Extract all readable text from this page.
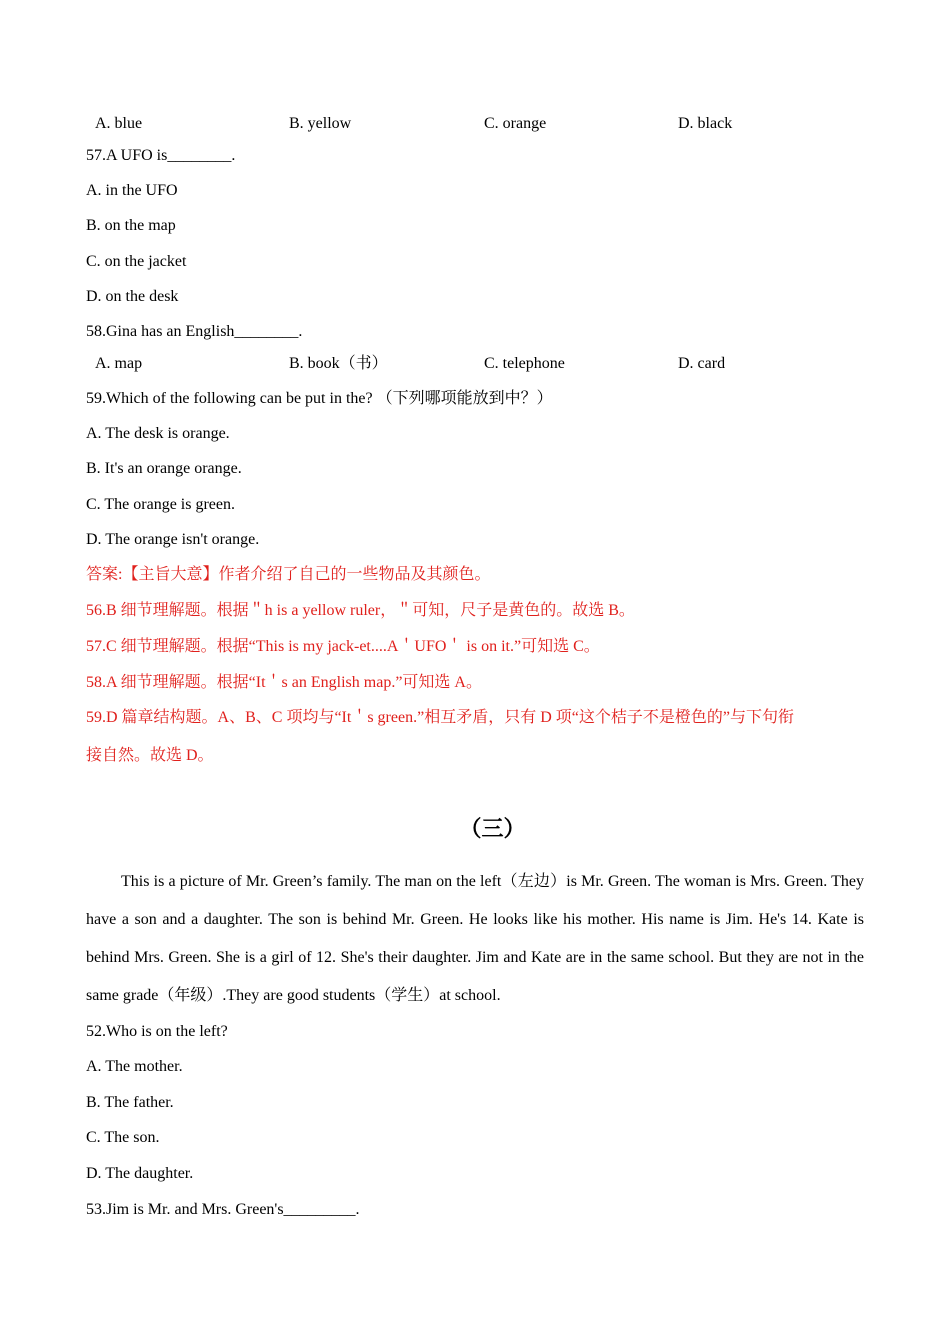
A. blue	B. yellow	C. orange	D. black
57.A UFO is________.
A. in the UFO
B. on the map
C. on the jacket
D. on the desk
58.Gina has an English________.
A. map	B. book（书）	C. telephone	D. card
59.Which of the following can be put in the? （下列哪项能放到中？）
A. The desk is orange.
B. It's an orange orange.
C. The orange is green.
D. The orange isn't orange.
答案:【主旨大意】作者介绍了自己的一些物品及其颜色。
56.B 细节理解题。根据＂h is a yellow ruler，＂可知，尺子是黄色的。故选 B。
57.C 细节理解题。根据“This is my jack-et....A＇UFO＇ is on it.”可知选 C。
58.A 细节理解题。根据“It＇s an English map.”可知选 A。
59.D 篇章结构题。A、B、C 项均与“It＇s green.”相互矛盾，只有 D 项“这个桔子不是橙色的”与下句衔
接自然。故选 D。
（三）
This is a picture of Mr. Green’s family. The man on the left（左边）is Mr. Green. The woman is Mrs. Green. They have a son and a daughter. The son is behind Mr. Green. He looks like his mother. His name is Jim. He's 14. Kate is behind Mrs. Green. She is a girl of 12. She's their daughter. Jim and Kate are in the same school. But they are not in the same grade（年级）.They are good students（学生）at school.
52.Who is on the left?
A. The mother.
B. The father.
C. The son.
D. The daughter.
53.Jim is Mr. and Mrs. Green's_________.
